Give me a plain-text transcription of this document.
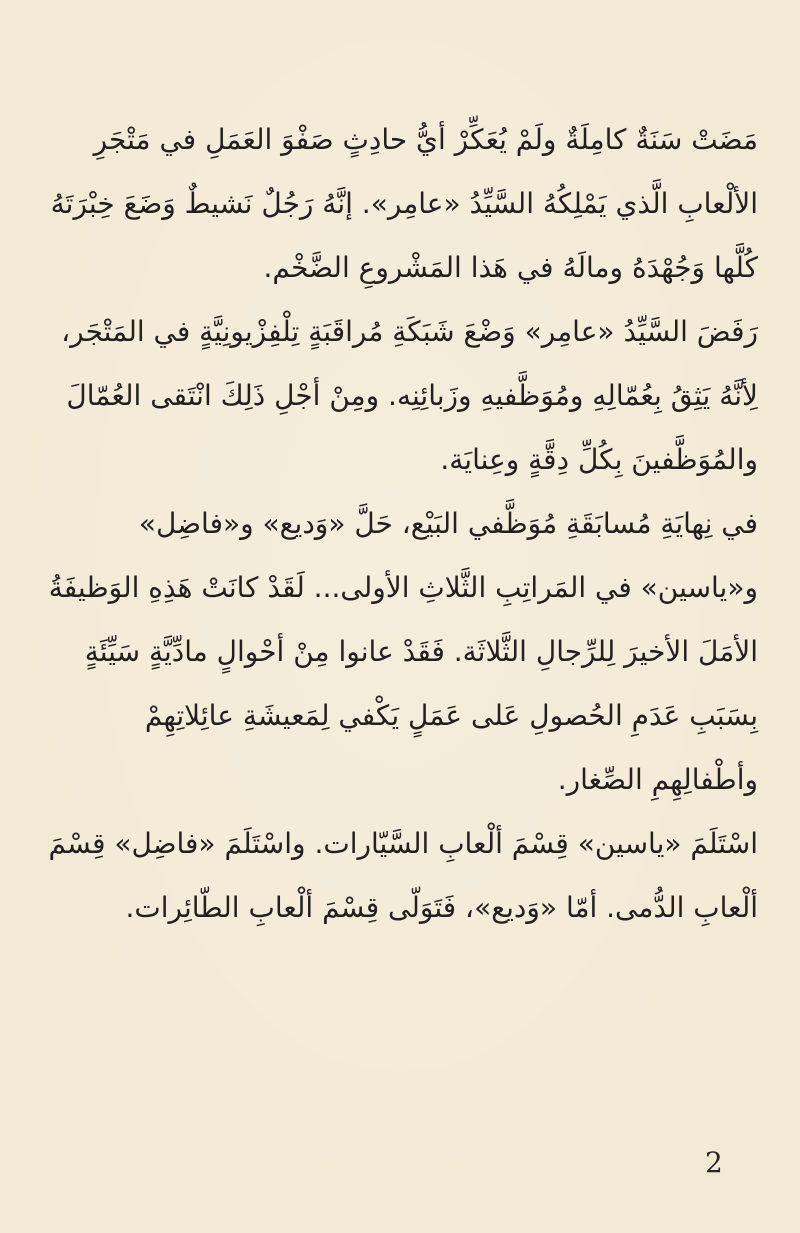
مَضَتْ سَنَةٌ كامِلَةٌ ولَمْ يُعَكِّرْ أيُّ حادِثٍ صَفْوَ العَمَلِ في مَتْجَرِ الألْعابِ الَّذي يَمْلِكُهُ السَّيِّدُ «عامِر». إنَّهُ رَجُلٌ نَشيطٌ وَضَعَ خِبْرَتَهُ كُلَّها وَجُهْدَهُ ومالَهُ في هَذا المَشْروعِ الضَّخْم.

رَفَضَ السَّيِّدُ «عامِر» وَضْعَ شَبَكَةِ مُراقَبَةٍ تِلْفِزْيونِيَّةٍ في المَتْجَر، لِأنَّهُ يَثِقُ بِعُمّالِهِ ومُوَظَّفيهِ وزَبائِنِه. ومِنْ أجْلِ ذَلِكَ انْتَقى العُمّالَ والمُوَظَّفينَ بِكُلِّ دِقَّةٍ وعِنايَة.

في نِهايَةِ مُسابَقَةِ مُوَظَّفي البَيْع، حَلَّ «وَديع» و«فاضِل» و«ياسين» في المَراتِبِ الثَّلاثِ الأولى... لَقَدْ كانَتْ هَذِهِ الوَظيفَةُ الأمَلَ الأخيرَ لِلرِّجالِ الثَّلاثَة. فَقَدْ عانوا مِنْ أحْوالٍ مادِّيَّةٍ سَيِّئَةٍ بِسَبَبِ عَدَمِ الحُصولِ عَلى عَمَلٍ يَكْفي لِمَعيشَةِ عائِلاتِهِمْ وأطْفالِهِمِ الصِّغار.

اسْتَلَمَ «ياسين» قِسْمَ ألْعابِ السَّيّارات. واسْتَلَمَ «فاضِل» قِسْمَ ألْعابِ الدُّمى. أمّا «وَديع»، فَتَوَلّى قِسْمَ ألْعابِ الطّائِرات.

2
